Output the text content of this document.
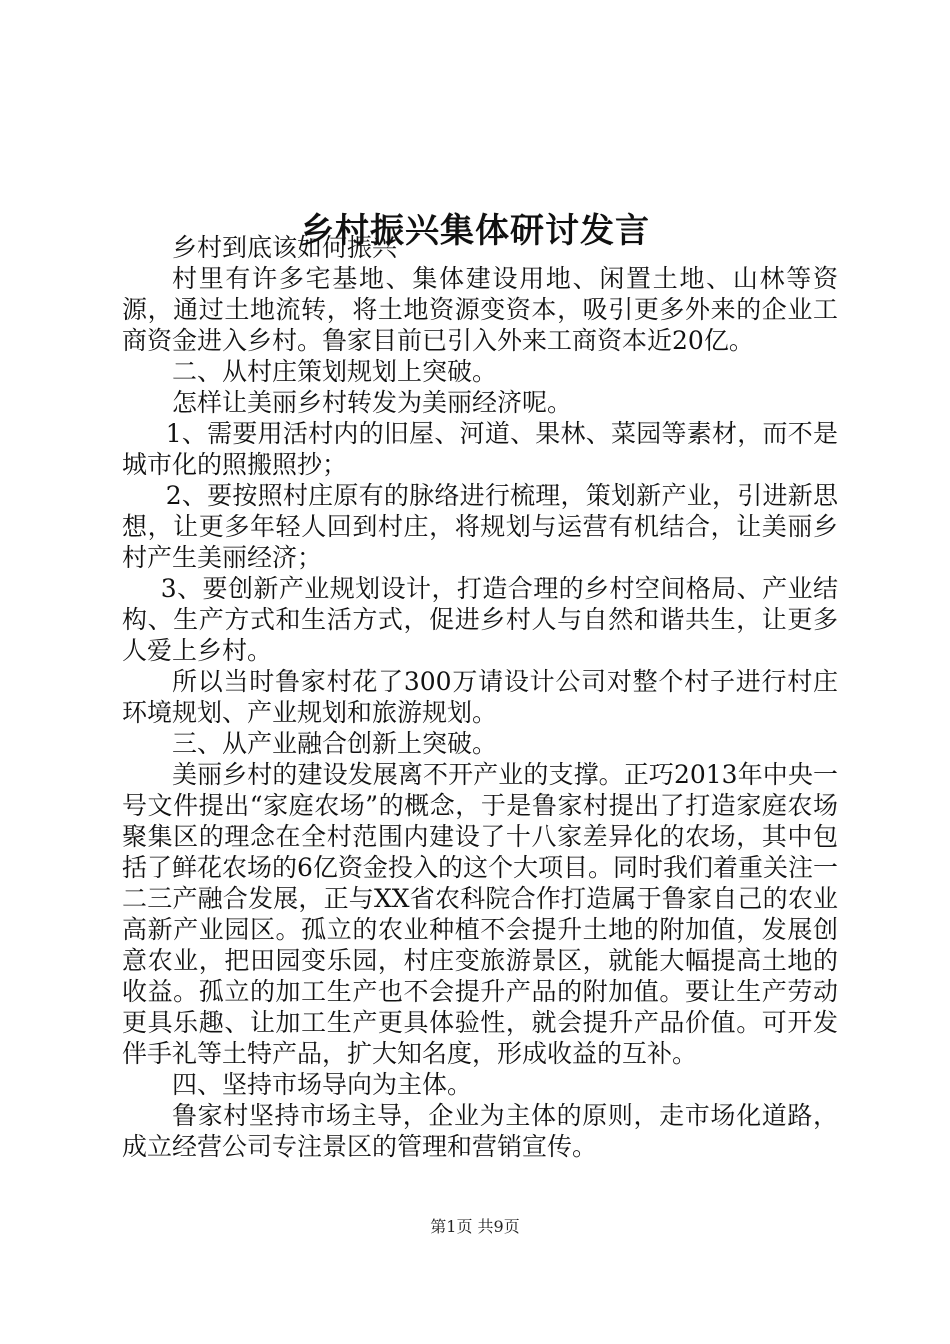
乡村振兴集体研讨发言

乡村到底该如何振兴

村里有许多宅基地、集体建设用地、闲置土地、山林等资源，通过土地流转，将土地资源变资本，吸引更多外来的企业工商资金进入乡村。鲁家目前已引入外来工商资本近20亿。

二、从村庄策划规划上突破。

怎样让美丽乡村转发为美丽经济呢。

1、需要用活村内的旧屋、河道、果林、菜园等素材，而不是城市化的照搬照抄；

2、要按照村庄原有的脉络进行梳理，策划新产业，引进新思想，让更多年轻人回到村庄，将规划与运营有机结合，让美丽乡村产生美丽经济；

3、要创新产业规划设计，打造合理的乡村空间格局、产业结构、生产方式和生活方式，促进乡村人与自然和谐共生，让更多人爱上乡村。

所以当时鲁家村花了300万请设计公司对整个村子进行村庄环境规划、产业规划和旅游规划。

三、从产业融合创新上突破。

美丽乡村的建设发展离不开产业的支撑。正巧2013年中央一号文件提出“家庭农场”的概念，于是鲁家村提出了打造家庭农场聚集区的理念在全村范围内建设了十八家差异化的农场，其中包括了鲜花农场的6亿资金投入的这个大项目。同时我们着重关注一二三产融合发展，正与XX省农科院合作打造属于鲁家自己的农业高新产业园区。孤立的农业种植不会提升土地的附加值，发展创意农业，把田园变乐园，村庄变旅游景区，就能大幅提高土地的收益。孤立的加工生产也不会提升产品的附加值。要让生产劳动更具乐趣、让加工生产更具体验性，就会提升产品价值。可开发伴手礼等土特产品，扩大知名度，形成收益的互补。

四、坚持市场导向为主体。

鲁家村坚持市场主导，企业为主体的原则，走市场化道路，成立经营公司专注景区的管理和营销宣传。

第1页 共9页
